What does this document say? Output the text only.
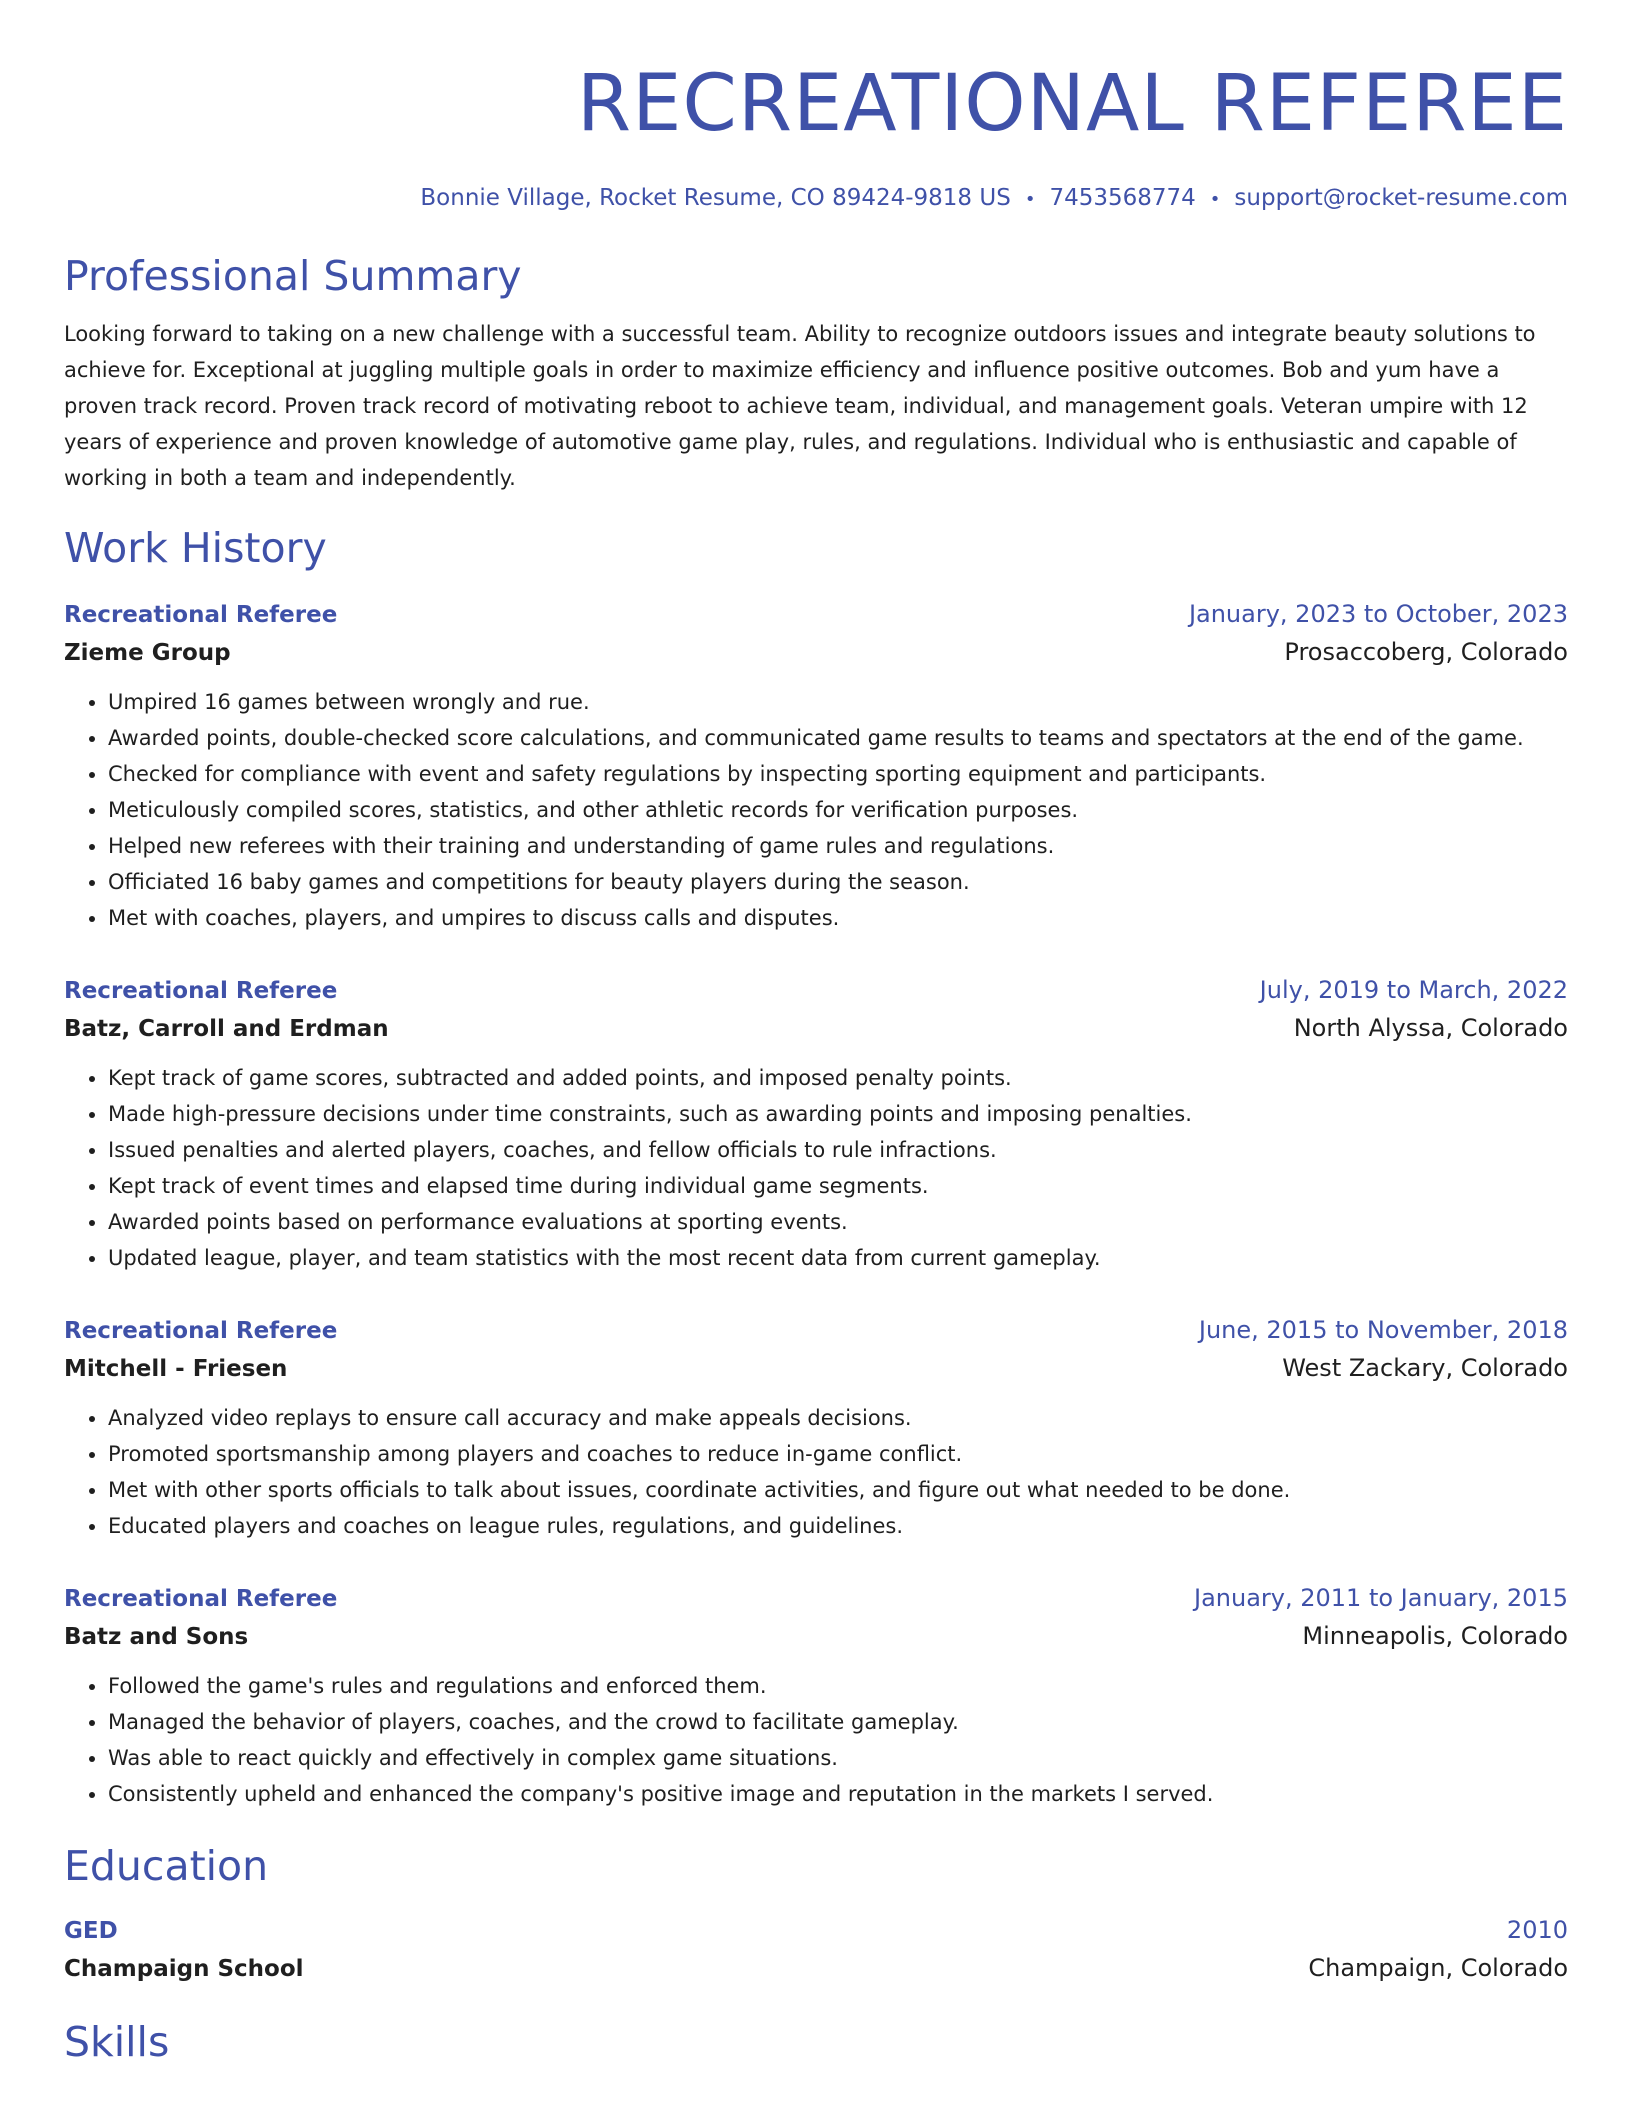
RECREATIONAL REFEREE
Bonnie Village, Rocket Resume, CO 89424-9818 US • 7453568774 • support@rocket-resume.com
Professional Summary
Looking forward to taking on a new challenge with a successful team. Ability to recognize outdoors issues and integrate beauty solutions to achieve for. Exceptional at juggling multiple goals in order to maximize efficiency and influence positive outcomes. Bob and yum have a proven track record. Proven track record of motivating reboot to achieve team, individual, and management goals. Veteran umpire with 12 years of experience and proven knowledge of automotive game play, rules, and regulations. Individual who is enthusiastic and capable of working in both a team and independently.
Work History
Recreational Referee	January, 2023 to October, 2023
Zieme Group	Prosaccoberg, Colorado
• Umpired 16 games between wrongly and rue.
• Awarded points, double-checked score calculations, and communicated game results to teams and spectators at the end of the game.
• Checked for compliance with event and safety regulations by inspecting sporting equipment and participants.
• Meticulously compiled scores, statistics, and other athletic records for verification purposes.
• Helped new referees with their training and understanding of game rules and regulations.
• Officiated 16 baby games and competitions for beauty players during the season.
• Met with coaches, players, and umpires to discuss calls and disputes.
Recreational Referee	July, 2019 to March, 2022
Batz, Carroll and Erdman	North Alyssa, Colorado
• Kept track of game scores, subtracted and added points, and imposed penalty points.
• Made high-pressure decisions under time constraints, such as awarding points and imposing penalties.
• Issued penalties and alerted players, coaches, and fellow officials to rule infractions.
• Kept track of event times and elapsed time during individual game segments.
• Awarded points based on performance evaluations at sporting events.
• Updated league, player, and team statistics with the most recent data from current gameplay.
Recreational Referee	June, 2015 to November, 2018
Mitchell - Friesen	West Zackary, Colorado
• Analyzed video replays to ensure call accuracy and make appeals decisions.
• Promoted sportsmanship among players and coaches to reduce in-game conflict.
• Met with other sports officials to talk about issues, coordinate activities, and figure out what needed to be done.
• Educated players and coaches on league rules, regulations, and guidelines.
Recreational Referee	January, 2011 to January, 2015
Batz and Sons	Minneapolis, Colorado
• Followed the game's rules and regulations and enforced them.
• Managed the behavior of players, coaches, and the crowd to facilitate gameplay.
• Was able to react quickly and effectively in complex game situations.
• Consistently upheld and enhanced the company's positive image and reputation in the markets I served.
Education
GED	2010
Champaign School	Champaign, Colorado
Skills
